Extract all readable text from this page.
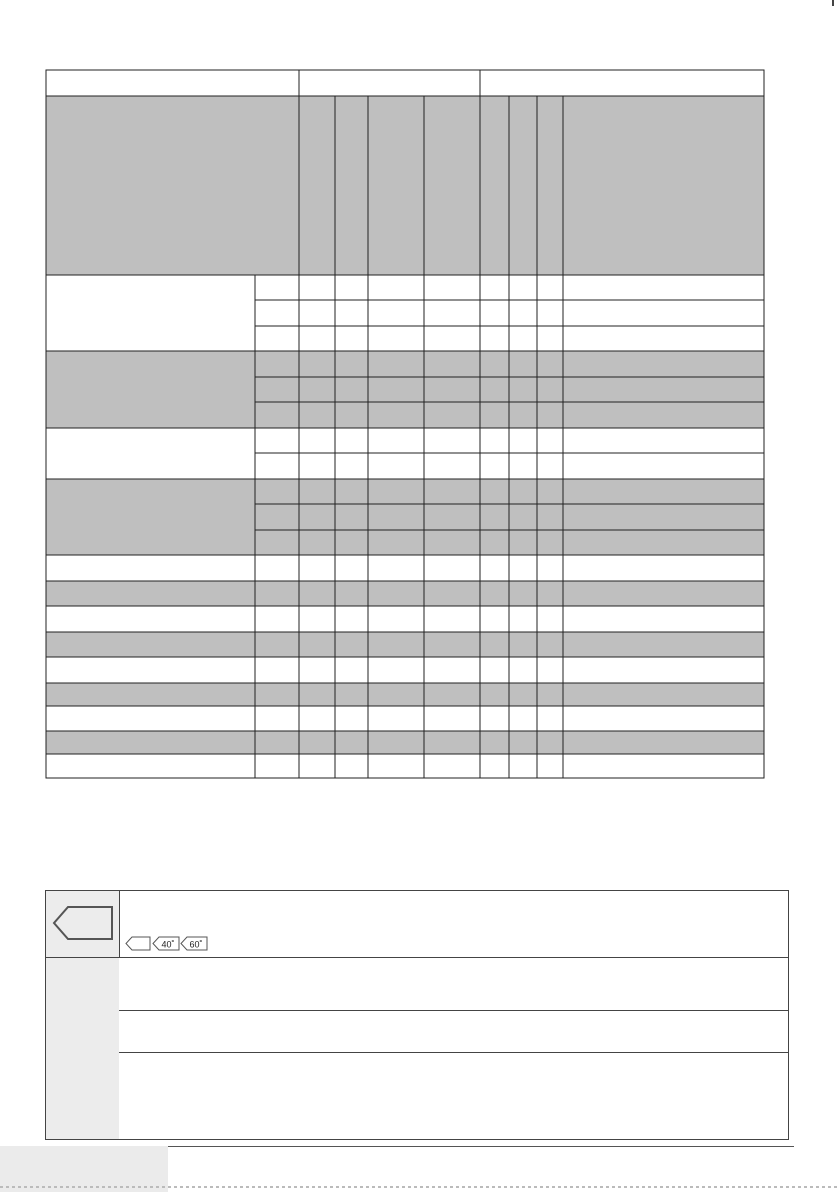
40˚ 60˚
